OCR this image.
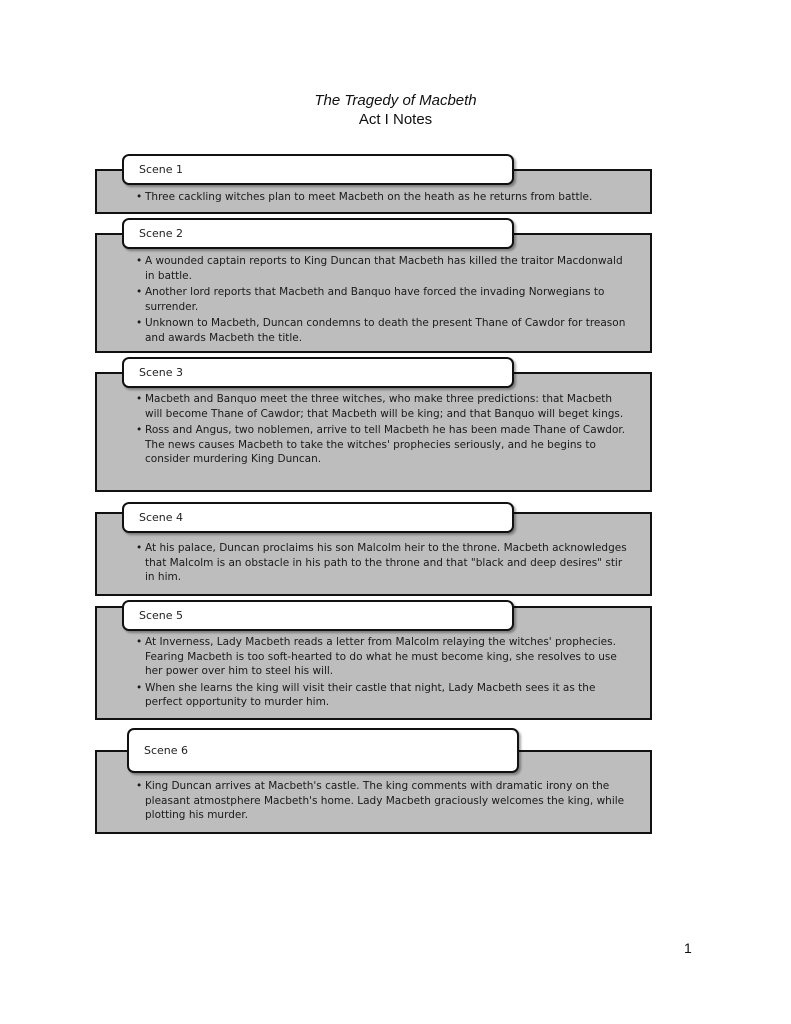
The Tragedy of Macbeth
Act I Notes
Scene 1
• Three cackling witches plan to meet Macbeth on the heath as he returns from battle.
Scene 2
• A wounded captain reports to King Duncan that Macbeth has killed the traitor Macdonwald in battle.
• Another lord reports that Macbeth and Banquo have forced the invading Norwegians to surrender.
• Unknown to Macbeth, Duncan condemns to death the present Thane of Cawdor for treason and awards Macbeth the title.
Scene 3
• Macbeth and Banquo meet the three witches, who make three predictions: that Macbeth will become Thane of Cawdor; that Macbeth will be king; and that Banquo will beget kings.
• Ross and Angus, two noblemen, arrive to tell Macbeth he has been made Thane of Cawdor. The news causes Macbeth to take the witches' prophecies seriously, and he begins to consider murdering King Duncan.
Scene 4
• At his palace, Duncan proclaims his son Malcolm heir to the throne. Macbeth acknowledges that Malcolm is an obstacle in his path to the throne and that "black and deep desires" stir in him.
Scene 5
• At Inverness, Lady Macbeth reads a letter from Malcolm relaying the witches' prophecies. Fearing Macbeth is too soft-hearted to do what he must become king, she resolves to use her power over him to steel his will.
• When she learns the king will visit their castle that night, Lady Macbeth sees it as the perfect opportunity to murder him.
Scene 6
• King Duncan arrives at Macbeth's castle. The king comments with dramatic irony on the pleasant atmostphere Macbeth's home. Lady Macbeth graciously welcomes the king, while plotting his murder.
1
